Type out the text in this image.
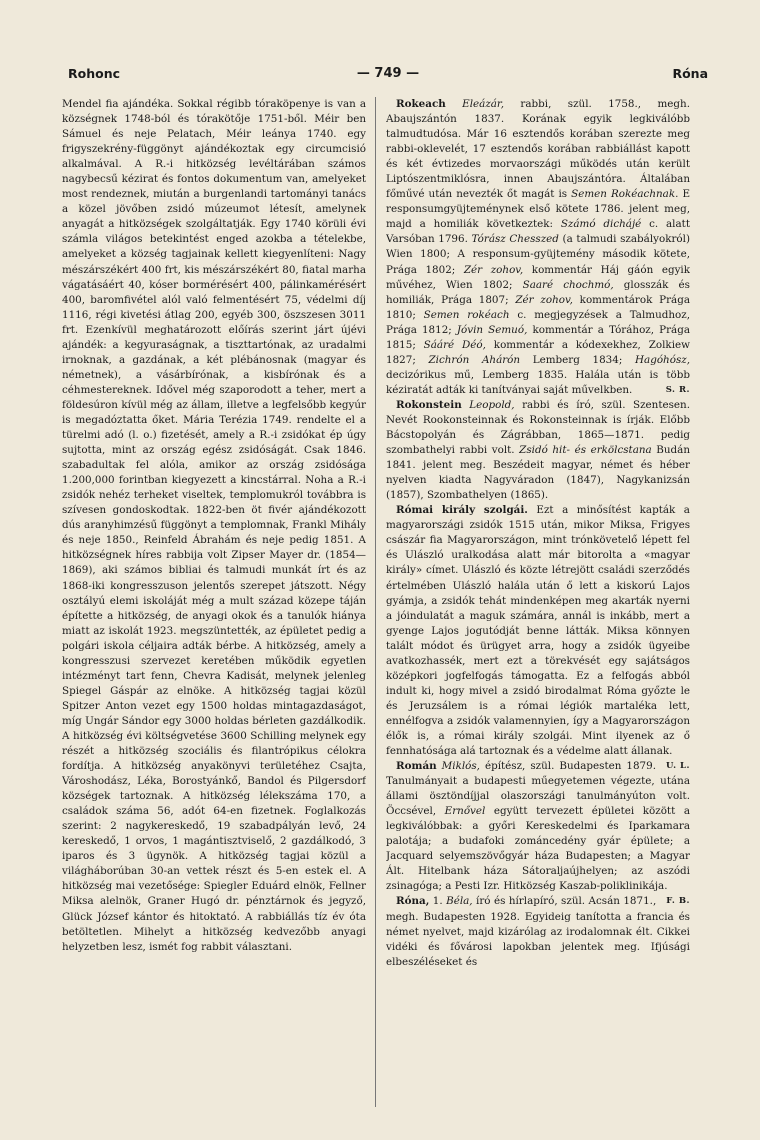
Rohonc	— 749 —	Róna

Mendel fia ajándéka. Sokkal régibb tóraköpenye is van a községnek 1748-ból és tórakötője 1751-ből. Méir ben Sámuel és neje Pelatach, Méir leánya 1740. egy frigyszekrény-függönyt ajándékoztak egy circumcisió alkalmával. A R.-i hitközség levéltárában számos nagybecsű kézirat és fontos dokumentum van, amelyeket most rendeznek, miután a burgenlandi tartományi tanács a közel jövőben zsidó múzeumot létesít, amelynek anyagát a hitközségek szolgáltatják. Egy 1740 körüli évi számla világos betekintést enged azokba a tételekbe, amelyeket a község tagjainak kellett kiegyenlíteni: Nagy mészárszékért 400 frt, kis mészárszékért 80, fiatal marha vágatásáért 40, kóser bormérésért 400, pálinkamérésért 400, baromfivétel alól való felmentésért 75, védelmi díj 1116, régi kivetési átlag 200, egyéb 300, öszszesen 3011 frt. Ezenkívül meghatározott előírás szerint járt újévi ajándék: a kegyuraságnak, a tiszttartónak, az uradalmi irnoknak, a gazdának, a két plébánosnak (magyar és németnek), a vásárbírónak, a kisbírónak és a céhmestereknek. Idővel még szaporodott a teher, mert a földesúron kívül még az állam, illetve a legfelsőbb kegyúr is megadóztatta őket. Mária Terézia 1749. rendelte el a türelmi adó (l. o.) fizetését, amely a R.-i zsidókat ép úgy sujtotta, mint az ország egész zsidóságát. Csak 1846. szabadultak fel alóla, amikor az ország zsidósága 1.200,000 forintban kiegyezett a kincstárral. Noha a R.-i zsidók nehéz terheket viseltek, templomukról továbbra is szívesen gondoskodtak. 1822-ben öt fivér ajándékozott dús aranyhimzésű függönyt a templomnak, Frankl Mihály és neje 1850., Reinfeld Ábrahám és neje pedig 1851. A hitközségnek híres rabbija volt Zipser Mayer dr. (1854—1869), aki számos bibliai és talmudi munkát írt és az 1868-iki kongresszuson jelentős szerepet játszott. Négy osztályú elemi iskoláját még a mult század közepe táján építette a hitközség, de anyagi okok és a tanulók hiánya miatt az iskolát 1923. megszüntették, az épületet pedig a polgári iskola céljaira adták bérbe. A hitközség, amely a kongresszusi szervezet keretében működik egyetlen intézményt tart fenn, Chevra Kadisát, melynek jelenleg Spiegel Gáspár az elnöke. A hitközség tagjai közül Spitzer Anton vezet egy 1500 holdas mintagazdaságot, míg Ungár Sándor egy 3000 holdas bérleten gazdálkodik. A hitközség évi költségvetése 3600 Schilling melynek egy részét a hitközség szociális és filantrópikus célokra fordítja. A hitközség anyakönyvi területéhez Csajta, Városhodász, Léka, Borostyánkő, Bandol és Pilgersdorf községek tartoznak. A hitközség lélekszáma 170, a családok száma 56, adót 64-en fizetnek. Foglalkozás szerint: 2 nagykereskedő, 19 szabadpályán levő, 24 kereskedő, 1 orvos, 1 magántisztviselő, 2 gazdálkodó, 3 iparos és 3 ügynök. A hitközség tagjai közül a világháborúban 30-an vettek részt és 5-en estek el. A hitközség mai vezetősége: Spiegler Eduárd elnök, Fellner Miksa alelnök, Graner Hugó dr. pénztárnok és jegyző, Glück József kántor és hitoktató. A rabbiállás tíz év óta betöltetlen. Mihelyt a hitközség kedvezőbb anyagi helyzetben lesz, ismét fog rabbit választani.

Rokeach Eleázár, rabbi, szül. 1758., megh. Abaujszántón 1837. Korának egyik legkiválóbb talmudtudósa. Már 16 esztendős korában szerezte meg rabbi-oklevelét, 17 esztendős korában rabbiállást kapott és két évtizedes morvaországi működés után került Liptószentmiklósra, innen Abaujszántóra. Általában főművé után nevezték őt magát is Semen Rokéachnak. E responsumgyüjteménynek első kötete 1786. jelent meg, majd a homiliák következtek: Számó dichájé c. alatt Varsóban 1796. Tórász Chesszed (a talmudi szabályokról) Wien 1800; A responsum-gyüjtemény második kötete, Prága 1802; Zér zohov, kommentár Háj gáón egyik művéhez, Wien 1802; Saaré chochmó, glosszák és homiliák, Prága 1807; Zér zohov, kommentárok Prága 1810; Semen rokéach c. megjegyzések a Talmudhoz, Prága 1812; Jóvin Semuó, kommentár a Tórához, Prága 1815; Sááré Déó, kommentár a kódexekhez, Zolkiew 1827; Zichrón Ahárón Lemberg 1834; Hagóhósz, decizórikus mű, Lemberg 1835. Halála után is több kéziratát adták ki tanítványai saját művelkben.	S. R.

Rokonstein Leopold, rabbi és író, szül. Szentesen. Nevét Rookonsteinnak és Rokonsteinnak is írják. Előbb Bácstopolyán és Zágrábban, 1865—1871. pedig szombathelyi rabbi volt. Zsidó hit- és erkölcstana Budán 1841. jelent meg. Beszédeit magyar, német és héber nyelven kiadta Nagyváradon (1847), Nagykanizsán (1857), Szombathelyen (1865).

Római király szolgái. Ezt a minősítést kapták a magyarországi zsidók 1515 után, mikor Miksa, Frigyes császár fia Magyarországon, mint trónkövetelő lépett fel és Ulászló uralkodása alatt már bitorolta a «magyar király» címet. Ulászló és közte létrejött családi szerződés értelmében Ulászló halála után ő lett a kiskorú Lajos gyámja, a zsidók tehát mindenképen meg akarták nyerni a jóindulatát a maguk számára, annál is inkább, mert a gyenge Lajos jogutódját benne látták. Miksa könnyen talált módot és ürügyet arra, hogy a zsidók ügyeibe avatkozhassék, mert ezt a törekvését egy sajátságos középkori jogfelfogás támogatta. Ez a felfogás abból indult ki, hogy mivel a zsidó birodalmat Róma győzte le és Jeruzsálem is a római légiók martaléka lett, ennélfogva a zsidók valamennyien, így a Magyarországon élők is, a római király szolgái. Mint ilyenek az ő fennhatósága alá tartoznak és a védelme alatt állanak.
U. L.

Román Miklós, építész, szül. Budapesten 1879. Tanulmányait a budapesti műegyetemen végezte, utána állami ösztöndíjjal olaszországi tanulmányúton volt. Öccsével, Ernővel együtt tervezett épületei között a legkiválóbbak: a győri Kereskedelmi és Iparkamara palotája; a budafoki zománcedény gyár épülete; a Jacquard selyemszövőgyár háza Budapesten; a Magyar Ált. Hitelbank háza Sátoraljaújhelyen; az aszódi zsinagóga; a Pesti Izr. Hitközség Kaszab-poliklinikája.
F. B.

Róna, 1. Béla, író és hírlapíró, szül. Acsán 1871., megh. Budapesten 1928. Egyideig tanította a francia és német nyelvet, majd kizárólag az irodalomnak élt. Cikkei vidéki és fővárosi lapokban jelentek meg. Ifjúsági elbeszéléseket és
